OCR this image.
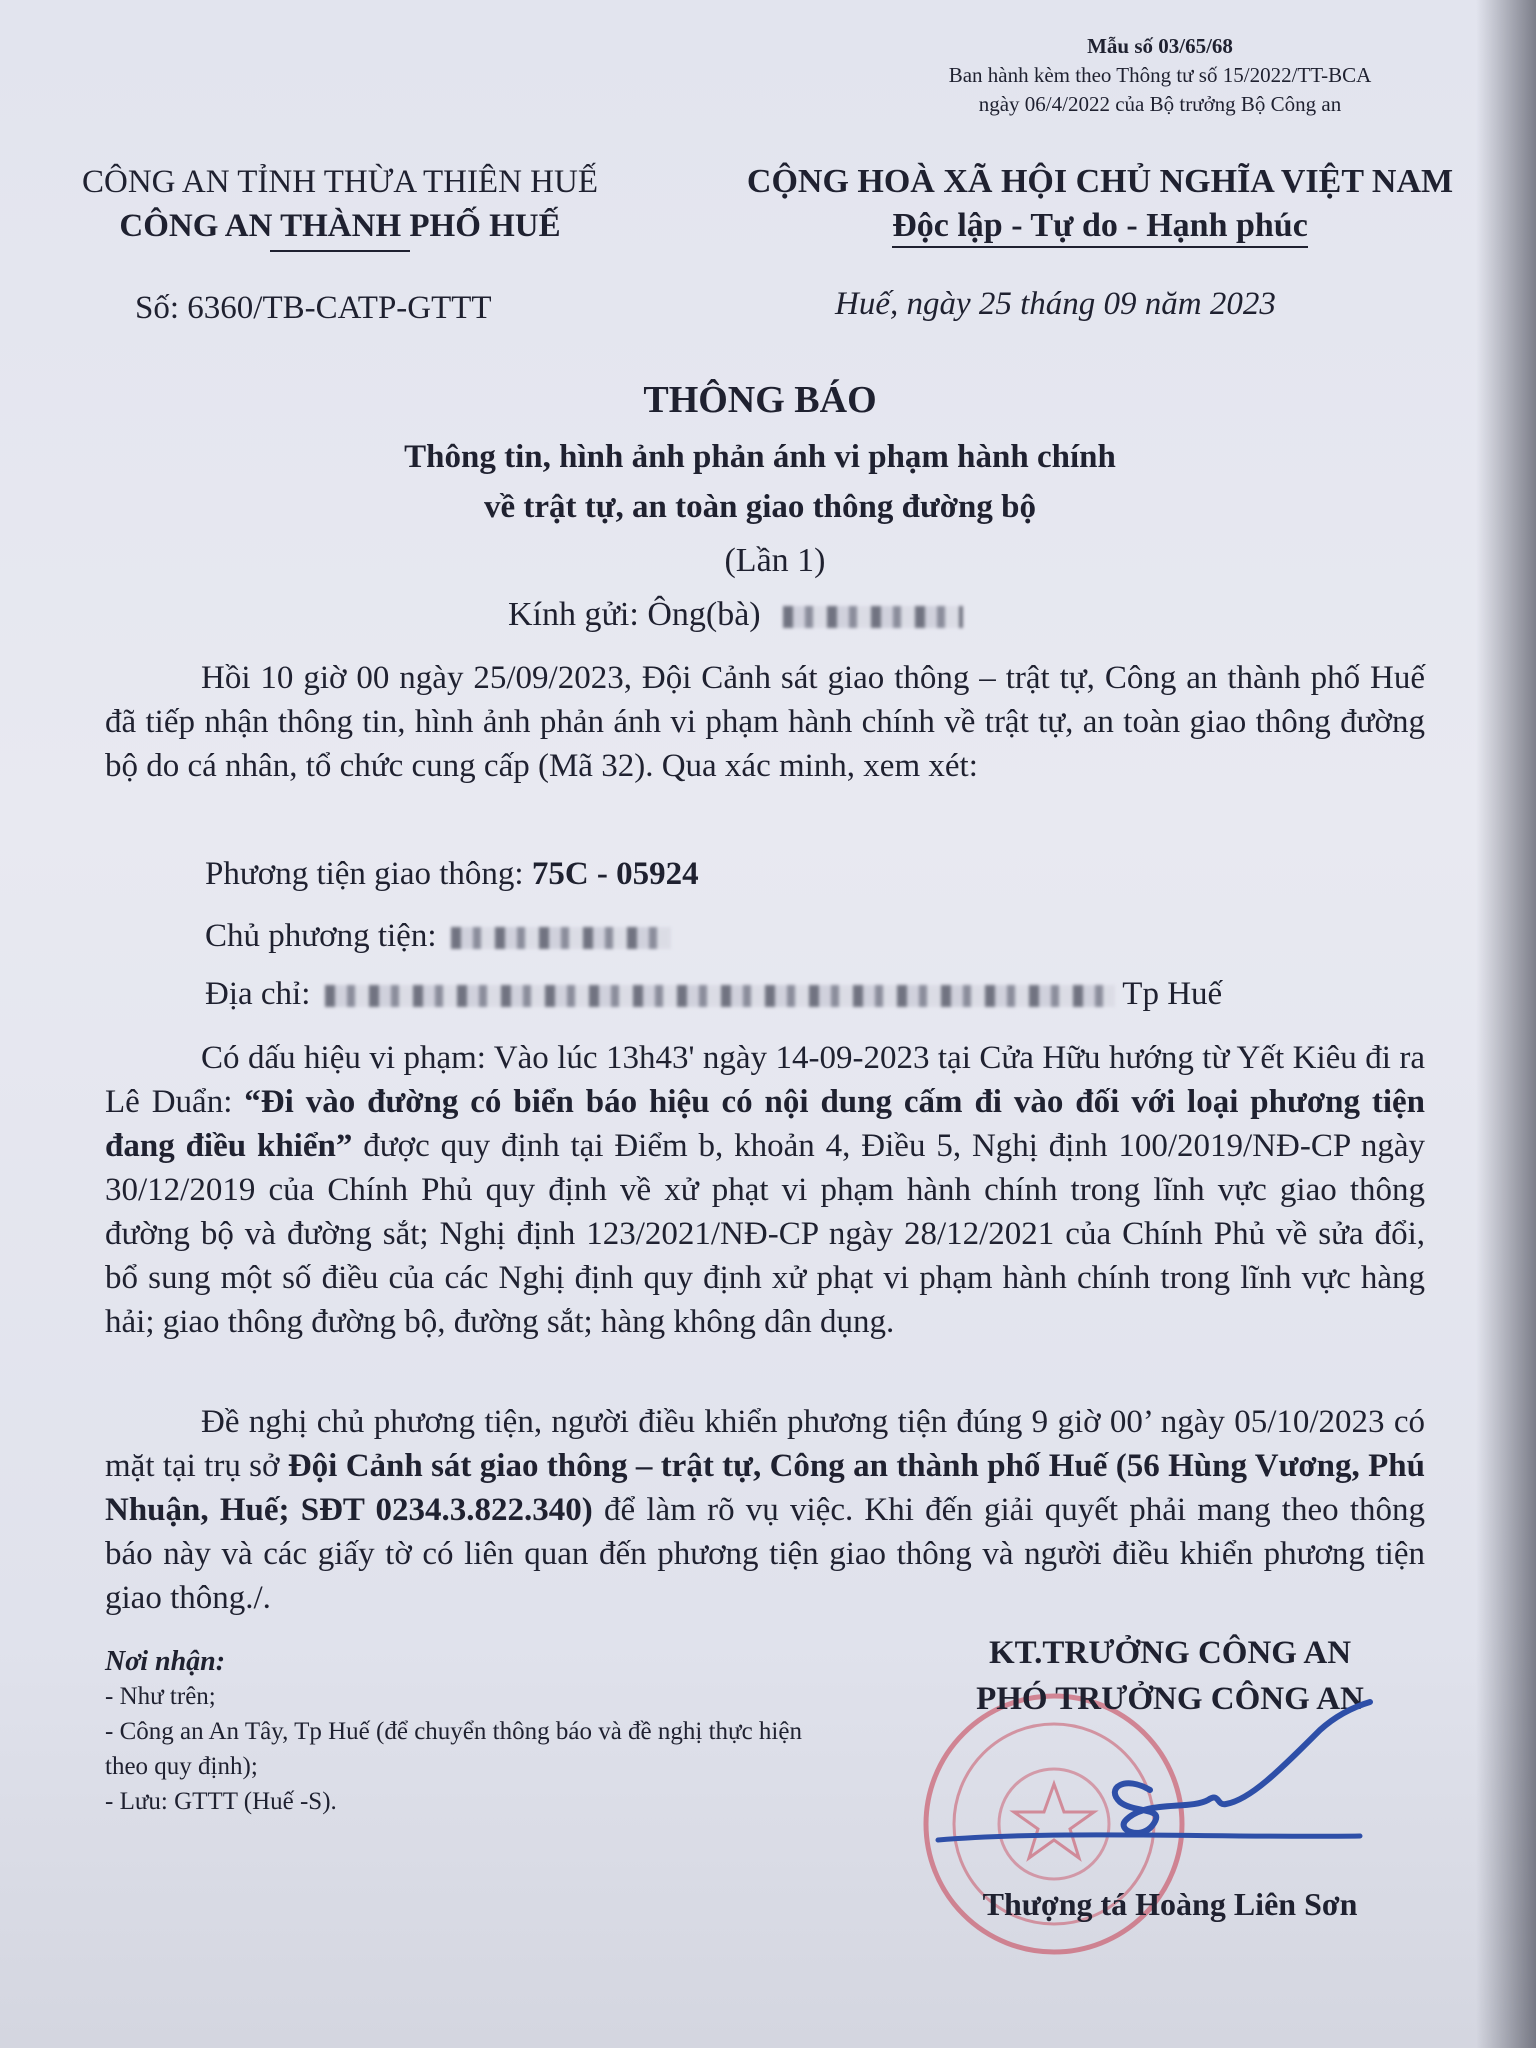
Mẫu số 03/65/68
Ban hành kèm theo Thông tư số 15/2022/TT-BCA
ngày 06/4/2022 của Bộ trưởng Bộ Công an
CÔNG AN TỈNH THỪA THIÊN HUẾ
CÔNG AN THÀNH PHỐ HUẾ
CỘNG HOÀ XÃ HỘI CHỦ NGHĨA VIỆT NAM
Độc lập - Tự do - Hạnh phúc
Số: 6360/TB-CATP-GTTT	Huế, ngày 25 tháng 09 năm 2023
THÔNG BÁO
Thông tin, hình ảnh phản ánh vi phạm hành chính
về trật tự, an toàn giao thông đường bộ
(Lần 1)
Kính gửi: Ông(bà)
Hồi 10 giờ 00 ngày 25/09/2023, Đội Cảnh sát giao thông – trật tự, Công an thành phố Huế đã tiếp nhận thông tin, hình ảnh phản ánh vi phạm hành chính về trật tự, an toàn giao thông đường bộ do cá nhân, tổ chức cung cấp (Mã 32). Qua xác minh, xem xét:
Phương tiện giao thông: 75C - 05924
Chủ phương tiện:
Địa chỉ:	Tp Huế
Có dấu hiệu vi phạm: Vào lúc 13h43' ngày 14-09-2023 tại Cửa Hữu hướng từ Yết Kiêu đi ra Lê Duẩn: “Đi vào đường có biển báo hiệu có nội dung cấm đi vào đối với loại phương tiện đang điều khiển” được quy định tại Điểm b, khoản 4, Điều 5, Nghị định 100/2019/NĐ-CP ngày 30/12/2019 của Chính Phủ quy định về xử phạt vi phạm hành chính trong lĩnh vực giao thông đường bộ và đường sắt; Nghị định 123/2021/NĐ-CP ngày 28/12/2021 của Chính Phủ về sửa đổi, bổ sung một số điều của các Nghị định quy định xử phạt vi phạm hành chính trong lĩnh vực hàng hải; giao thông đường bộ, đường sắt; hàng không dân dụng.
Đề nghị chủ phương tiện, người điều khiển phương tiện đúng 9 giờ 00’ ngày 05/10/2023 có mặt tại trụ sở Đội Cảnh sát giao thông – trật tự, Công an thành phố Huế (56 Hùng Vương, Phú Nhuận, Huế; SĐT 0234.3.822.340) để làm rõ vụ việc. Khi đến giải quyết phải mang theo thông báo này và các giấy tờ có liên quan đến phương tiện giao thông và người điều khiển phương tiện giao thông./.
Nơi nhận:
- Như trên;
- Công an An Tây, Tp Huế (để chuyển thông báo và đề nghị thực hiện theo quy định);
- Lưu: GTTT (Huế -S).
KT.TRƯỞNG CÔNG AN
PHÓ TRƯỞNG CÔNG AN
Thượng tá Hoàng Liên Sơn
